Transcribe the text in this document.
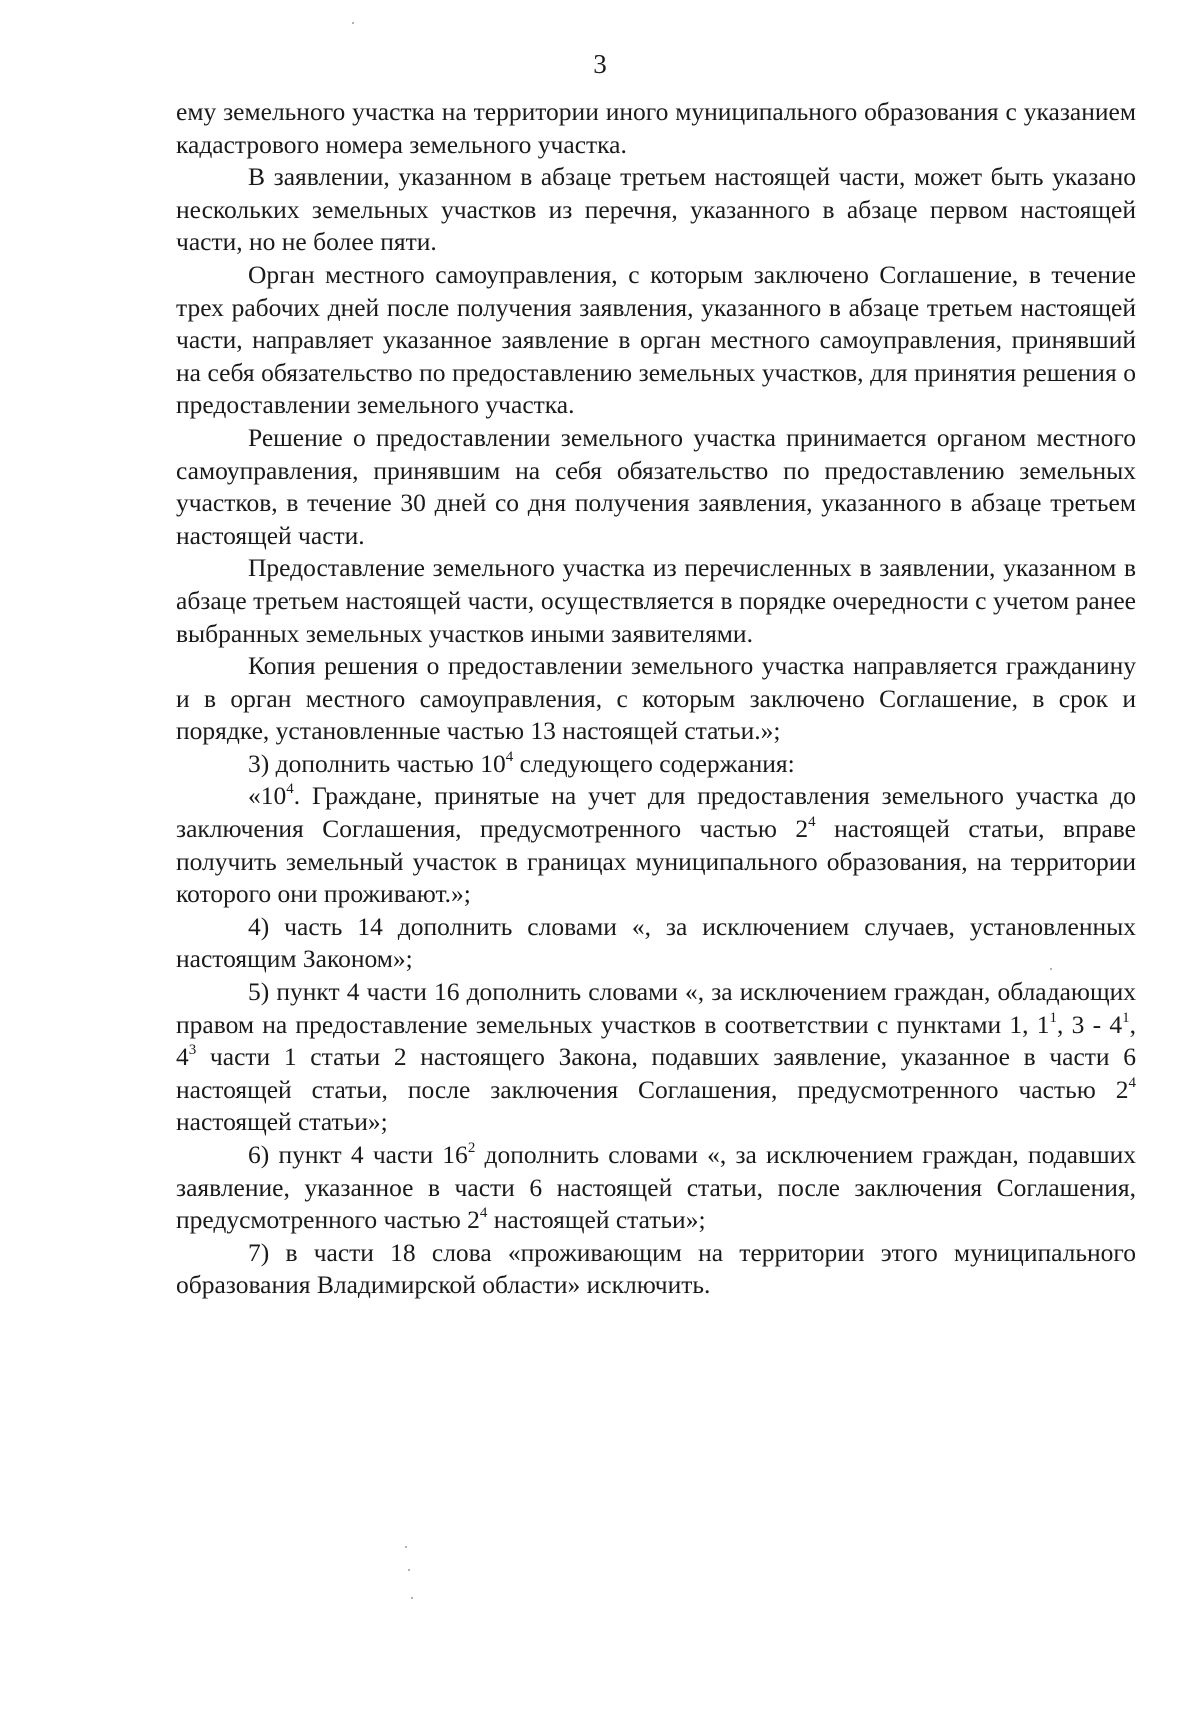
3

ему земельного участка на территории иного муниципального образования с указанием кадастрового номера земельного участка.

В заявлении, указанном в абзаце третьем настоящей части, может быть указано нескольких земельных участков из перечня, указанного в абзаце первом настоящей части, но не более пяти.

Орган местного самоуправления, с которым заключено Соглашение, в течение трех рабочих дней после получения заявления, указанного в абзаце третьем настоящей части, направляет указанное заявление в орган местного самоуправления, принявший на себя обязательство по предоставлению земельных участков, для принятия решения о предоставлении земельного участка.

Решение о предоставлении земельного участка принимается органом местного самоуправления, принявшим на себя обязательство по предоставлению земельных участков, в течение 30 дней со дня получения заявления, указанного в абзаце третьем настоящей части.

Предоставление земельного участка из перечисленных в заявлении, указанном в абзаце третьем настоящей части, осуществляется в порядке очередности с учетом ранее выбранных земельных участков иными заявителями.

Копия решения о предоставлении земельного участка направляется гражданину и в орган местного самоуправления, с которым заключено Соглашение, в срок и порядке, установленные частью 13 настоящей статьи.»;

3) дополнить частью $10^4$ следующего содержания:

«$10^4$. Граждане, принятые на учет для предоставления земельного участка до заключения Соглашения, предусмотренного частью $2^4$ настоящей статьи, вправе получить земельный участок в границах муниципального образования, на территории которого они проживают.»;

4) часть 14 дополнить словами «, за исключением случаев, установленных настоящим Законом»;

5) пункт 4 части 16 дополнить словами «, за исключением граждан, обладающих правом на предоставление земельных участков в соответствии с пунктами 1, $1^1$, $3 - 4^1$, $4^3$ части 1 статьи 2 настоящего Закона, подавших заявление, указанное в части 6 настоящей статьи, после заключения Соглашения, предусмотренного частью $2^4$ настоящей статьи»;

6) пункт 4 части $16^2$ дополнить словами «, за исключением граждан, подавших заявление, указанное в части 6 настоящей статьи, после заключения Соглашения, предусмотренного частью $2^4$ настоящей статьи»;

7) в части 18 слова «проживающим на территории этого муниципального образования Владимирской области» исключить.
